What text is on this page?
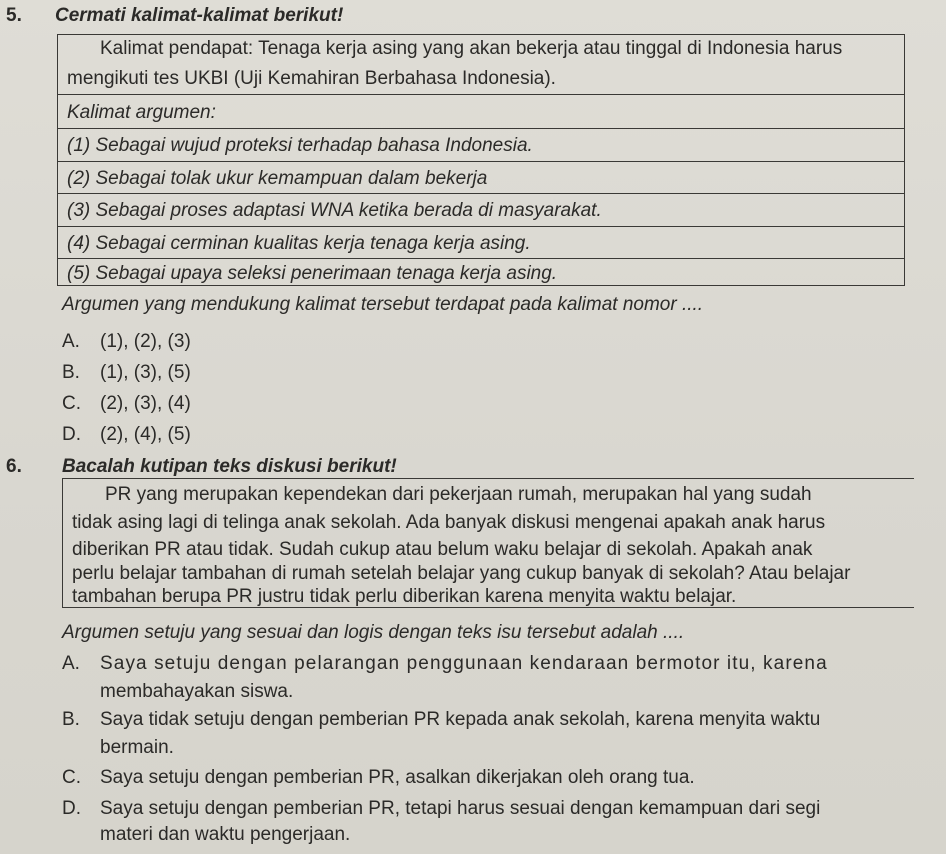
5. Cermati kalimat-kalimat berikut!
Kalimat pendapat: Tenaga kerja asing yang akan bekerja atau tinggal di Indonesia harus
mengikuti tes UKBI (Uji Kemahiran Berbahasa Indonesia).
Kalimat argumen:
(1) Sebagai wujud proteksi terhadap bahasa Indonesia.
(2) Sebagai tolak ukur kemampuan dalam bekerja
(3) Sebagai proses adaptasi WNA ketika berada di masyarakat.
(4) Sebagai cerminan kualitas kerja tenaga kerja asing.
(5) Sebagai upaya seleksi penerimaan tenaga kerja asing.
Argumen yang mendukung kalimat tersebut terdapat pada kalimat nomor ....
A. (1), (2), (3)
B. (1), (3), (5)
C. (2), (3), (4)
D. (2), (4), (5)
6. Bacalah kutipan teks diskusi berikut!
PR yang merupakan kependekan dari pekerjaan rumah, merupakan hal yang sudah
tidak asing lagi di telinga anak sekolah. Ada banyak diskusi mengenai apakah anak harus
diberikan PR atau tidak. Sudah cukup atau belum waku belajar di sekolah. Apakah anak
perlu belajar tambahan di rumah setelah belajar yang cukup banyak di sekolah? Atau belajar
tambahan berupa PR justru tidak perlu diberikan karena menyita waktu belajar.
Argumen setuju yang sesuai dan logis dengan teks isu tersebut adalah ....
A. Saya setuju dengan pelarangan penggunaan kendaraan bermotor itu, karena
membahayakan siswa.
B. Saya tidak setuju dengan pemberian PR kepada anak sekolah, karena menyita waktu
bermain.
C. Saya setuju dengan pemberian PR, asalkan dikerjakan oleh orang tua.
D. Saya setuju dengan pemberian PR, tetapi harus sesuai dengan kemampuan dari segi
materi dan waktu pengerjaan.
